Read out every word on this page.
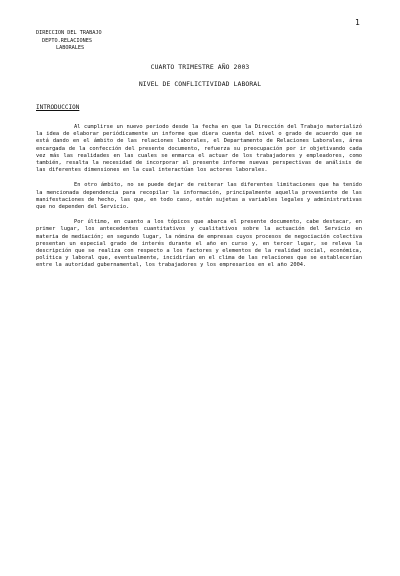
1
DIRECCION DEL TRABAJO
DEPTO.RELACIONES
LABORALES
CUARTO TRIMESTRE AÑO 2003
NIVEL DE CONFLICTIVIDAD LABORAL
INTRODUCCION

Al cumplirse un nuevo periodo desde la fecha en que la Dirección del Trabajo materializó la idea de elaborar periódicamente un informe que diera cuenta del nivel o grado de acuerdo que se está dando en el ámbito de las relaciones laborales, el Departamento de Relaciones Laborales, área encargada de la confección del presente documento, refuerza su preocupación por ir objetivando cada vez más las realidades en las cuales se enmarca el actuar de los trabajadores y empleadores, como también, resalta la necesidad de incorporar al presente informe nuevas perspectivas de análisis de las diferentes dimensiones en la cual interactúan los actores laborales.

En otro ámbito, no se puede dejar de reiterar las diferentes limitaciones que ha tenido la mencionada dependencia para recopilar la información, principalmente aquella proveniente de las manifestaciones de hecho, las que, en todo caso, están sujetas a variables legales y administrativas que no dependen del Servicio.

Por último, en cuanto a los tópicos que abarca el presente documento, cabe destacar, en primer lugar, los antecedentes cuantitativos y cualitativos sobre la actuación del Servicio en materia de mediación; en segundo lugar, la nómina de empresas cuyos procesos de negociación colectiva presentan un especial grado de interés durante el año en curso y, en tercer lugar, se releva la descripción que se realiza con respecto a los factores y elementos de la realidad social, económica, política y laboral que, eventualmente, incidirían en el clima de las relaciones que se establecerían entre la autoridad gubernamental, los trabajadores y los empresarios en el año 2004.
